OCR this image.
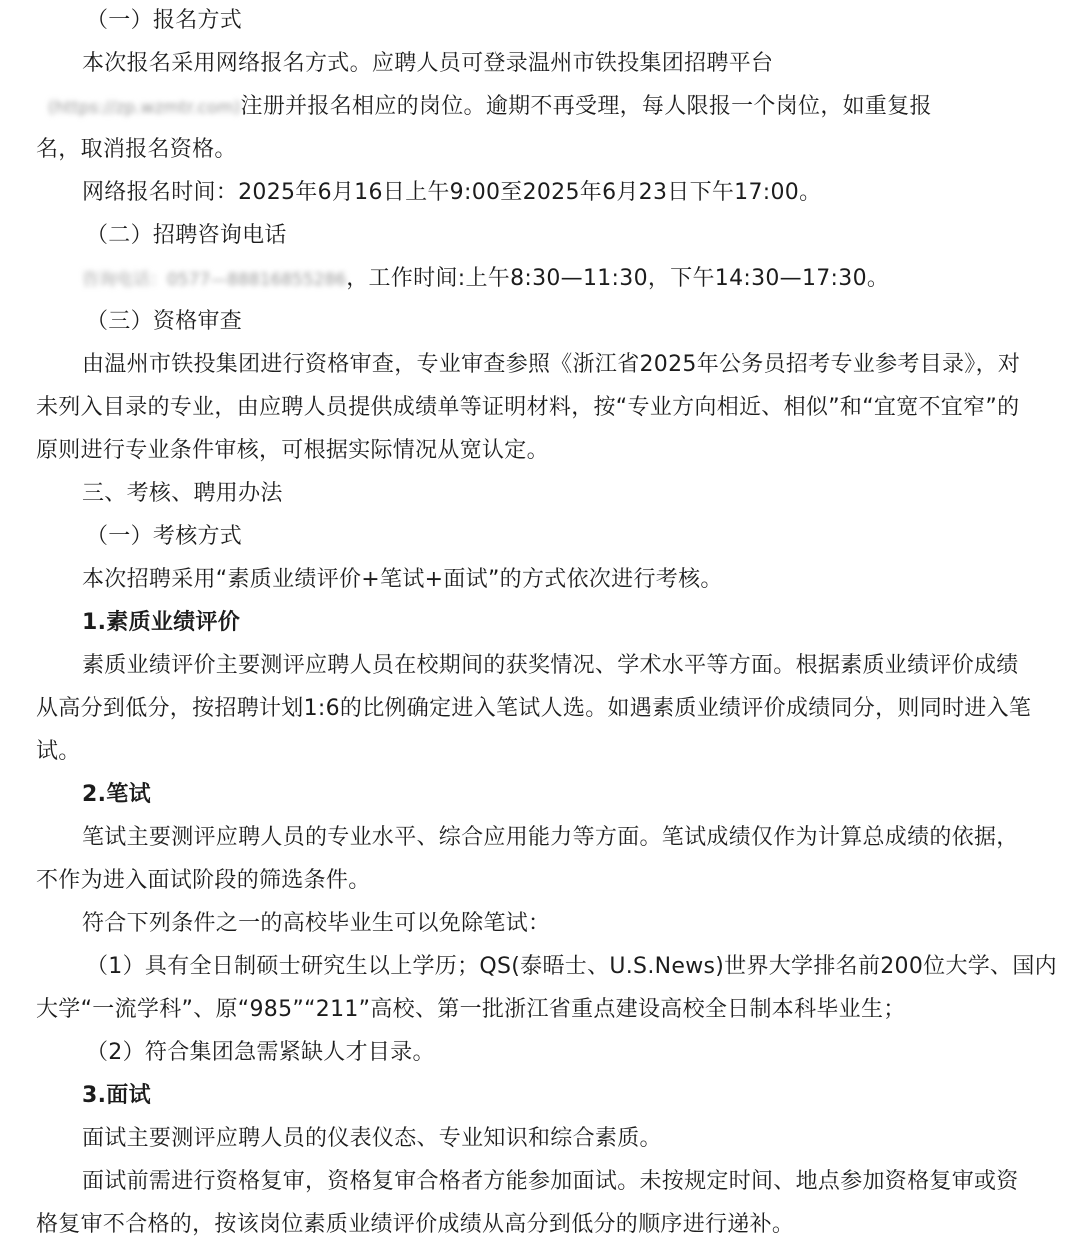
（一）报名方式
本次报名采用网络报名方式。应聘人员可登录温州市铁投集团招聘平台
(https://zp.wzmtr.com)注册并报名相应的岗位。逾期不再受理，每人限报一个岗位，如重复报
名，取消报名资格。
网络报名时间：2025年6月16日上午9:00至2025年6月23日下午17:00。
（二）招聘咨询电话
咨询电话：0577—88816855286，工作时间:上午8:30—11:30，下午14:30—17:30。
（三）资格审查
由温州市铁投集团进行资格审查，专业审查参照《浙江省2025年公务员招考专业参考目录》，对
未列入目录的专业，由应聘人员提供成绩单等证明材料，按“专业方向相近、相似”和“宜宽不宜窄”的
原则进行专业条件审核，可根据实际情况从宽认定。
三、考核、聘用办法
（一）考核方式
本次招聘采用“素质业绩评价+笔试+面试”的方式依次进行考核。
1.素质业绩评价
素质业绩评价主要测评应聘人员在校期间的获奖情况、学术水平等方面。根据素质业绩评价成绩
从高分到低分，按招聘计划1:6的比例确定进入笔试人选。如遇素质业绩评价成绩同分，则同时进入笔
试。
2.笔试
笔试主要测评应聘人员的专业水平、综合应用能力等方面。笔试成绩仅作为计算总成绩的依据，
不作为进入面试阶段的筛选条件。
符合下列条件之一的高校毕业生可以免除笔试：
（1）具有全日制硕士研究生以上学历；QS(泰晤士、U.S.News)世界大学排名前200位大学、国内
大学“一流学科”、原“985”“211”高校、第一批浙江省重点建设高校全日制本科毕业生；
（2）符合集团急需紧缺人才目录。
3.面试
面试主要测评应聘人员的仪表仪态、专业知识和综合素质。
面试前需进行资格复审，资格复审合格者方能参加面试。未按规定时间、地点参加资格复审或资
格复审不合格的，按该岗位素质业绩评价成绩从高分到低分的顺序进行递补。
